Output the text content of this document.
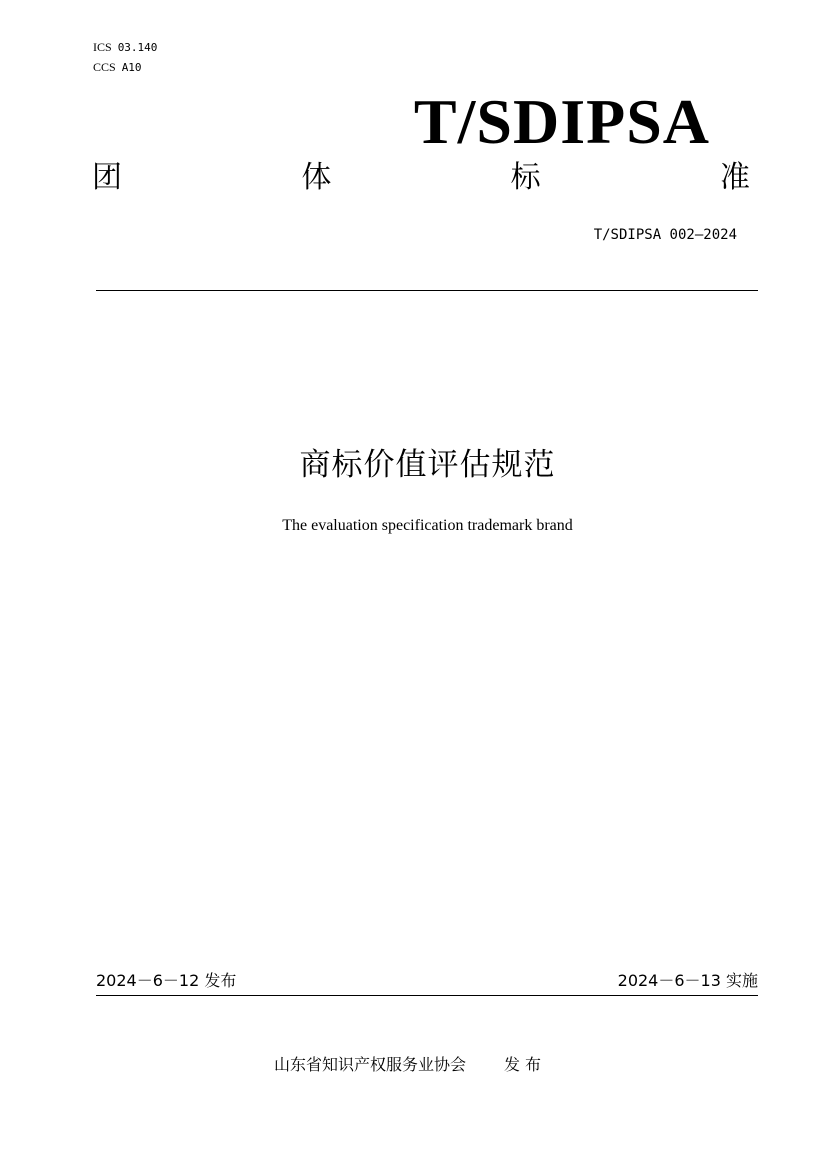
ICS 03.140
CCS A10
T/SDIPSA
团	体	标	准
T/SDIPSA 002—2024
商标价值评估规范
The evaluation specification trademark brand
2024－6－12 发布	2024－6－13 实施
山东省知识产权服务业协会 发 布
